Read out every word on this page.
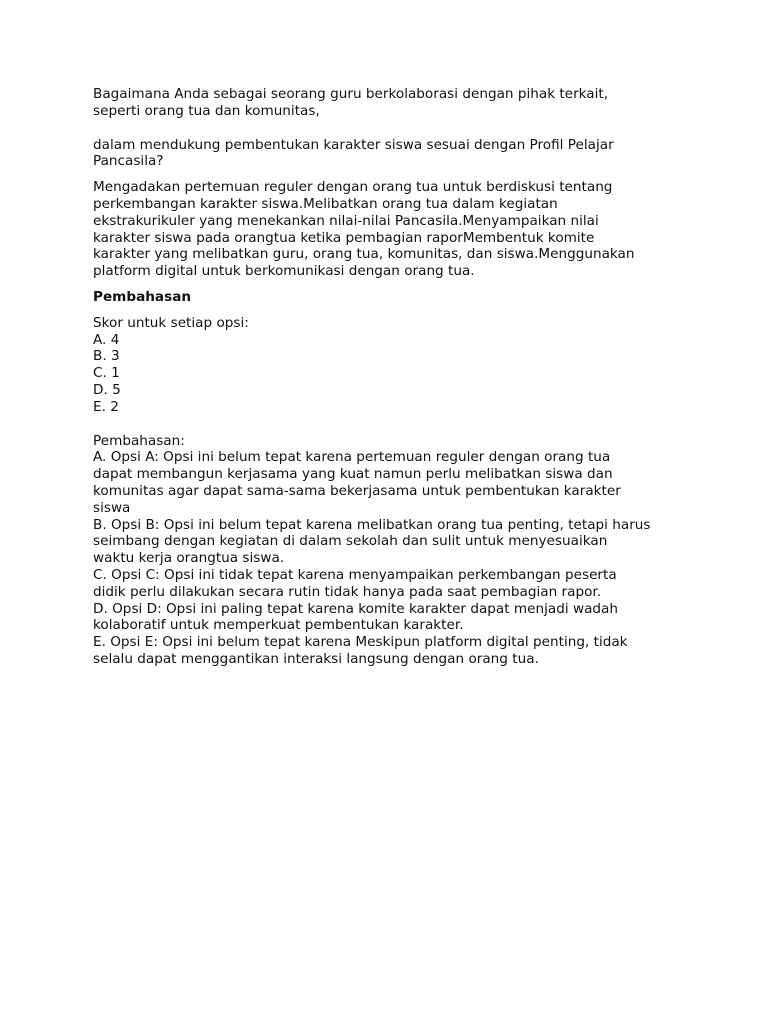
Bagaimana Anda sebagai seorang guru berkolaborasi dengan pihak terkait,
seperti orang tua dan komunitas,

dalam mendukung pembentukan karakter siswa sesuai dengan Profil Pelajar
Pancasila?

Mengadakan pertemuan reguler dengan orang tua untuk berdiskusi tentang
perkembangan karakter siswa.Melibatkan orang tua dalam kegiatan
ekstrakurikuler yang menekankan nilai-nilai Pancasila.Menyampaikan nilai
karakter siswa pada orangtua ketika pembagian raporMembentuk komite
karakter yang melibatkan guru, orang tua, komunitas, dan siswa.Menggunakan
platform digital untuk berkomunikasi dengan orang tua.

Pembahasan

Skor untuk setiap opsi:

A. 4
B. 3
C. 1
D. 5
E. 2

Pembahasan:

A. Opsi A: Opsi ini belum tepat karena pertemuan reguler dengan orang tua
dapat membangun kerjasama yang kuat namun perlu melibatkan siswa dan
komunitas agar dapat sama-sama bekerjasama untuk pembentukan karakter
siswa
B. Opsi B: Opsi ini belum tepat karena melibatkan orang tua penting, tetapi harus
seimbang dengan kegiatan di dalam sekolah dan sulit untuk menyesuaikan
waktu kerja orangtua siswa.
C. Opsi C: Opsi ini tidak tepat karena menyampaikan perkembangan peserta
didik perlu dilakukan secara rutin tidak hanya pada saat pembagian rapor.
D. Opsi D: Opsi ini paling tepat karena komite karakter dapat menjadi wadah
kolaboratif untuk memperkuat pembentukan karakter.
E. Opsi E: Opsi ini belum tepat karena Meskipun platform digital penting, tidak
selalu dapat menggantikan interaksi langsung dengan orang tua.
